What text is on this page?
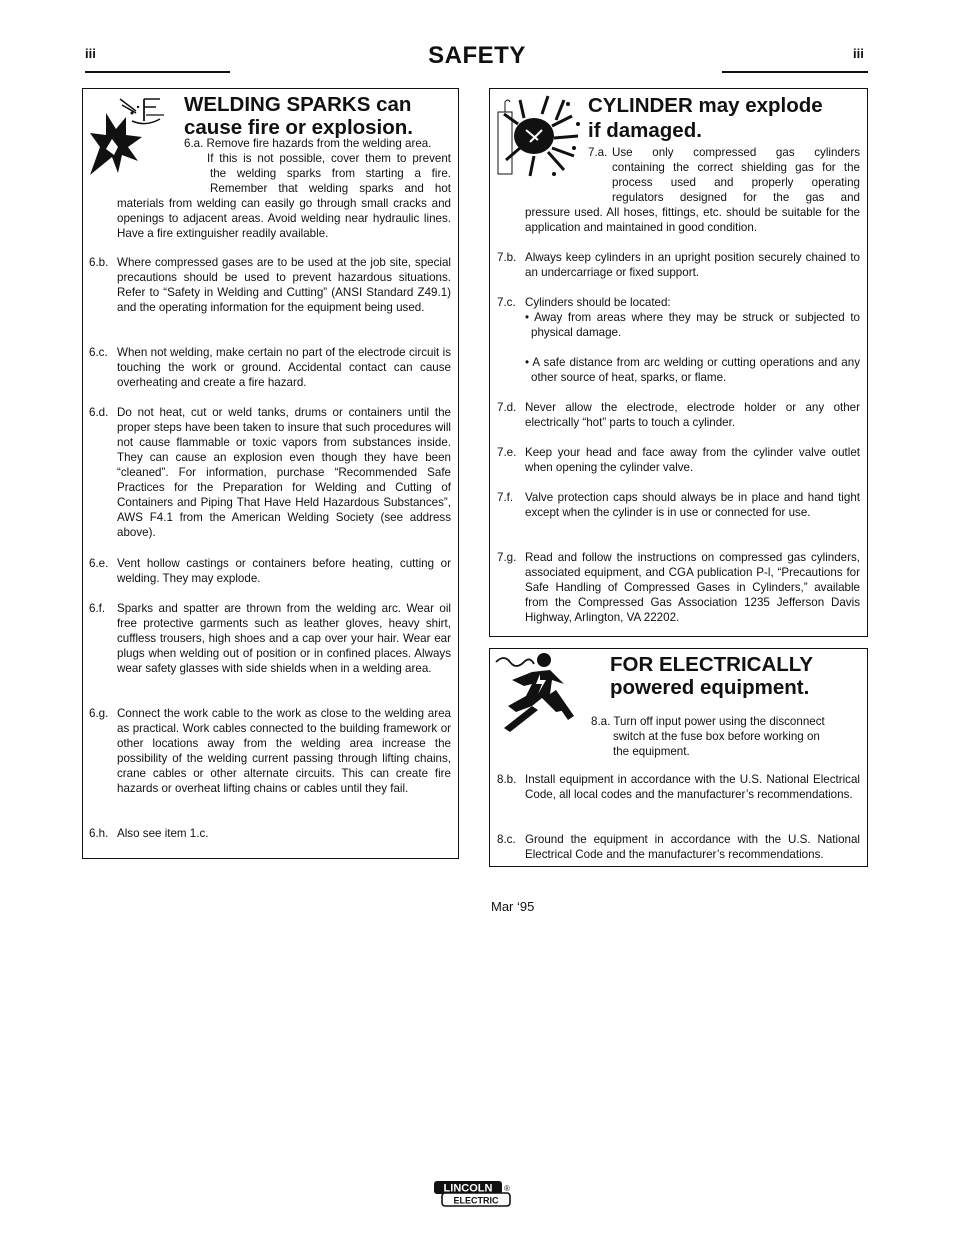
iii	iii
SAFETY
WELDING SPARKS can
cause fire or explosion.
6.a. Remove fire hazards from the welding area.
If this is not possible, cover them to prevent
the welding sparks from starting a fire.
Remember that welding sparks and hot
materials from welding can easily go through small cracks and openings to adjacent areas. Avoid welding near hydraulic lines. Have a fire extinguisher readily available.
6.b. Where compressed gases are to be used at the job site, special precautions should be used to prevent hazardous situations. Refer to “Safety in Welding and Cutting” (ANSI Standard Z49.1) and the operating information for the equipment being used.
6.c. When not welding, make certain no part of the electrode circuit is touching the work or ground. Accidental contact can cause overheating and create a fire hazard.
6.d. Do not heat, cut or weld tanks, drums or containers until the proper steps have been taken to insure that such procedures will not cause flammable or toxic vapors from substances inside. They can cause an explosion even though they have been “cleaned”. For information, purchase “Recommended Safe Practices for the Preparation for Welding and Cutting of Containers and Piping That Have Held Hazardous Substances”, AWS F4.1 from the American Welding Society (see address above).
6.e. Vent hollow castings or containers before heating, cutting or welding. They may explode.
6.f. Sparks and spatter are thrown from the welding arc. Wear oil free protective garments such as leather gloves, heavy shirt, cuffless trousers, high shoes and a cap over your hair. Wear ear plugs when welding out of position or in confined places. Always wear safety glasses with side shields when in a welding area.
6.g. Connect the work cable to the work as close to the welding area as practical. Work cables connected to the building framework or other locations away from the welding area increase the possibility of the welding current passing through lifting chains, crane cables or other alternate circuits. This can create fire hazards or overheat lifting chains or cables until they fail.
6.h. Also see item 1.c.
CYLINDER may explode
if damaged.
7.a. Use only compressed gas cylinders
containing the correct shielding gas for the
process used and properly operating
regulators designed for the gas and
pressure used. All hoses, fittings, etc. should be suitable for the application and maintained in good condition.
7.b. Always keep cylinders in an upright position securely chained to an undercarriage or fixed support.
7.c. Cylinders should be located:
• Away from areas where they may be struck or subjected to physical damage.
• A safe distance from arc welding or cutting operations and any other source of heat, sparks, or flame.
7.d. Never allow the electrode, electrode holder or any other electrically “hot” parts to touch a cylinder.
7.e. Keep your head and face away from the cylinder valve outlet when opening the cylinder valve.
7.f. Valve protection caps should always be in place and hand tight except when the cylinder is in use or connected for use.
7.g. Read and follow the instructions on compressed gas cylinders, associated equipment, and CGA publication P-l, “Precautions for Safe Handling of Compressed Gases in Cylinders,” available from the Compressed Gas Association 1235 Jefferson Davis Highway, Arlington, VA 22202.
FOR ELECTRICALLY
powered equipment.
8.a. Turn off input power using the disconnect
switch at the fuse box before working on
the equipment.
8.b. Install equipment in accordance with the U.S. National Electrical Code, all local codes and the manufacturer’s recommendations.
8.c. Ground the equipment in accordance with the U.S. National Electrical Code and the manufacturer’s recommendations.
Mar ‘95
LINCOLN
ELECTRIC
®
